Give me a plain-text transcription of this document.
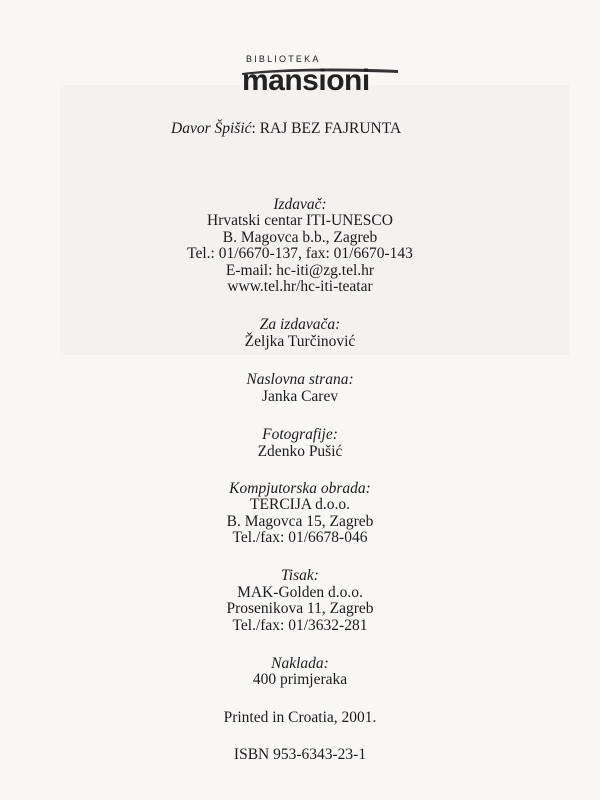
BIBLIOTEKA
mansioni
Davor Špišić: RAJ BEZ FAJRUNTA
Izdavač:
Hrvatski centar ITI-UNESCO
B. Magovca b.b., Zagreb
Tel.: 01/6670-137, fax: 01/6670-143
E-mail: hc-iti@zg.tel.hr
www.tel.hr/hc-iti-teatar
Za izdavača:
Željka Turčinović
Naslovna strana:
Janka Carev
Fotografije:
Zdenko Pušić
Kompjutorska obrada:
TERCIJA d.o.o.
B. Magovca 15, Zagreb
Tel./fax: 01/6678-046
Tisak:
MAK-Golden d.o.o.
Prosenikova 11, Zagreb
Tel./fax: 01/3632-281
Naklada:
400 primjeraka
Printed in Croatia, 2001.
ISBN 953-6343-23-1
